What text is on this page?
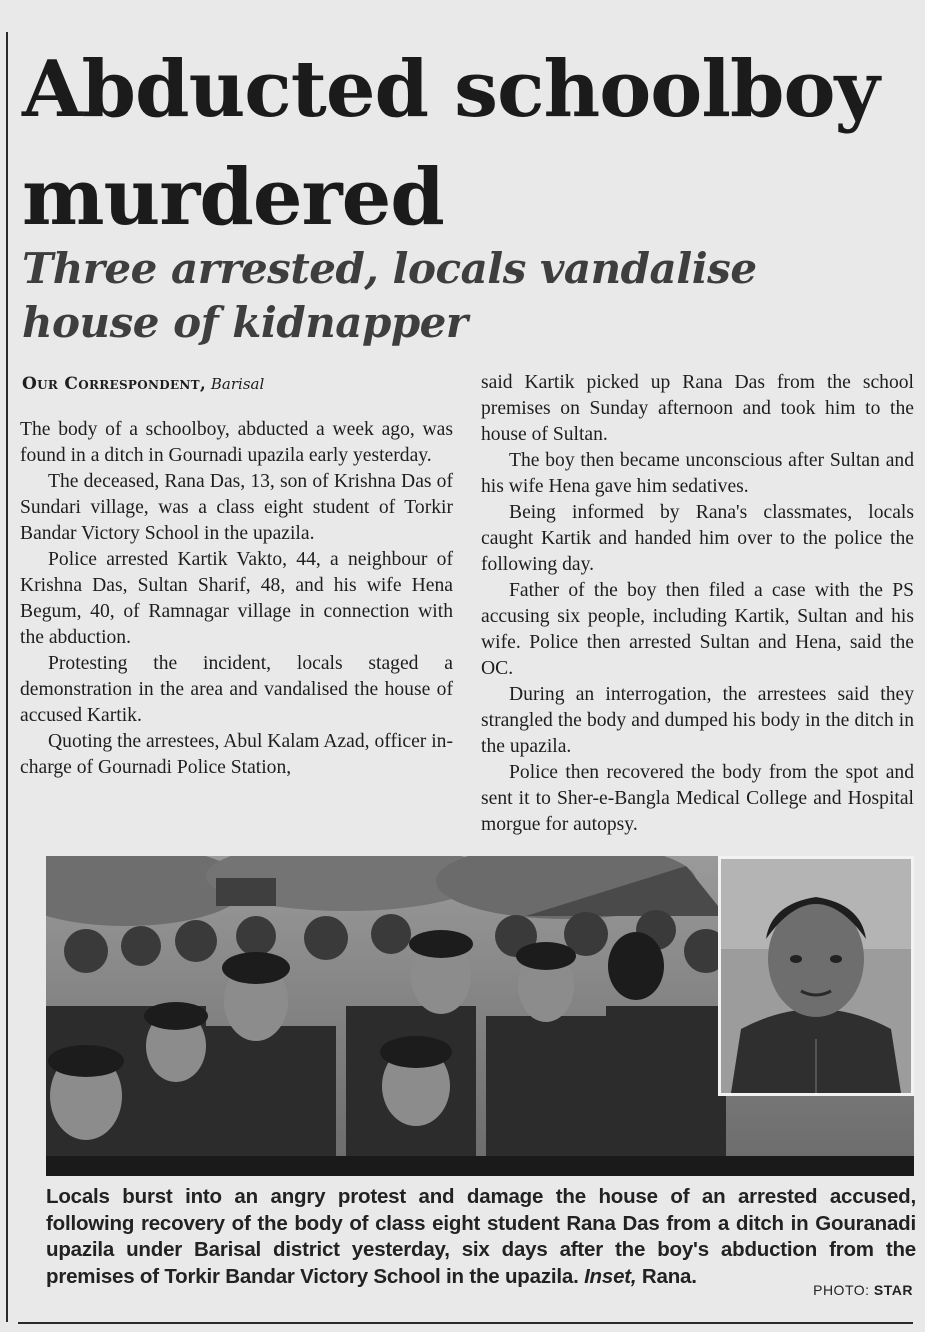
Abducted schoolboy
murdered
Three arrested, locals vandalise
house of kidnapper
Our Correspondent, Barisal

The body of a schoolboy, abducted a week ago, was found in a ditch in Gournadi upazila early yesterday.

The deceased, Rana Das, 13, son of Krishna Das of Sundari village, was a class eight student of Torkir Bandar Victory School in the upazila.

Police arrested Kartik Vakto, 44, a neighbour of Krishna Das, Sultan Sharif, 48, and his wife Hena Begum, 40, of Ramnagar village in connection with the abduction.

Protesting the incident, locals staged a demonstration in the area and vandalised the house of accused Kartik.

Quoting the arrestees, Abul Kalam Azad, officer in-charge of Gournadi Police Station,

said Kartik picked up Rana Das from the school premises on Sunday afternoon and took him to the house of Sultan.

The boy then became unconscious after Sultan and his wife Hena gave him sedatives.

Being informed by Rana's classmates, locals caught Kartik and handed him over to the police the following day.

Father of the boy then filed a case with the PS accusing six people, including Kartik, Sultan and his wife. Police then arrested Sultan and Hena, said the OC.

During an interrogation, the arrestees said they strangled the body and dumped his body in the ditch in the upazila.

Police then recovered the body from the spot and sent it to Sher-e-Bangla Medical College and Hospital morgue for autopsy.

Locals burst into an angry protest and damage the house of an arrested accused, following recovery of the body of class eight student Rana Das from a ditch in Gouranadi upazila under Barisal district yesterday, six days after the boy's abduction from the premises of Torkir Bandar Victory School in the upazila. Inset, Rana.

PHOTO: STAR
